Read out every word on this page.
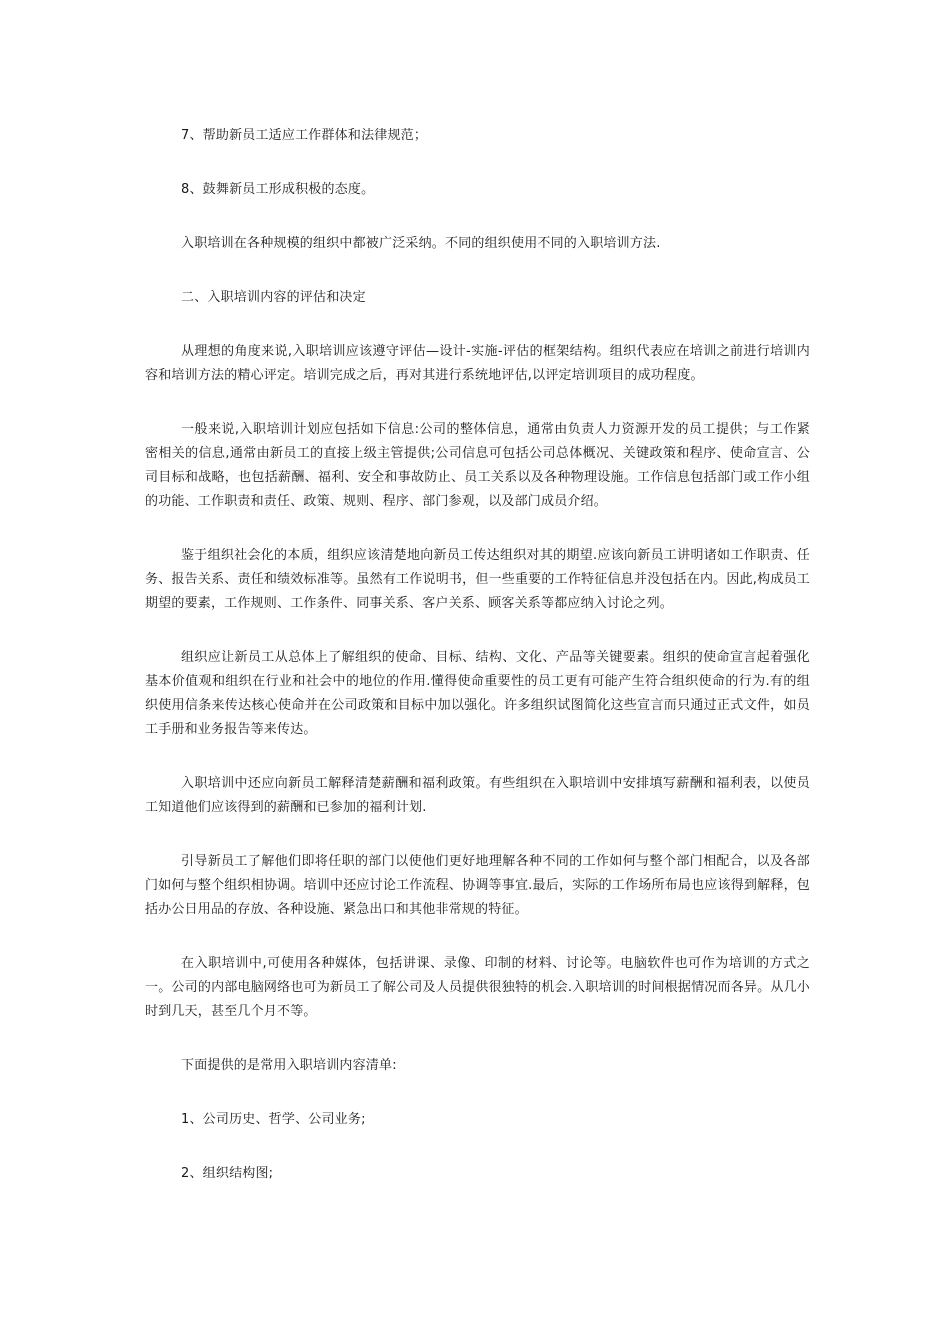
7、帮助新员工适应工作群体和法律规范；

8、鼓舞新员工形成积极的态度。

入职培训在各种规模的组织中都被广泛采纳。不同的组织使用不同的入职培训方法.

二、入职培训内容的评估和决定

从理想的角度来说,入职培训应该遵守评估—设计-实施-评估的框架结构。组织代表应在培训之前进行培训内容和培训方法的精心评定。培训完成之后，再对其进行系统地评估,以评定培训项目的成功程度。

一般来说,入职培训计划应包括如下信息:公司的整体信息，通常由负责人力资源开发的员工提供；与工作紧密相关的信息,通常由新员工的直接上级主管提供;公司信息可包括公司总体概况、关键政策和程序、使命宣言、公司目标和战略，也包括薪酬、福利、安全和事故防止、员工关系以及各种物理设施。工作信息包括部门或工作小组的功能、工作职责和责任、政策、规则、程序、部门参观，以及部门成员介绍。

鉴于组织社会化的本质，组织应该清楚地向新员工传达组织对其的期望.应该向新员工讲明诸如工作职责、任务、报告关系、责任和绩效标准等。虽然有工作说明书，但一些重要的工作特征信息并没包括在内。因此,构成员工期望的要素，工作规则、工作条件、同事关系、客户关系、顾客关系等都应纳入讨论之列。

组织应让新员工从总体上了解组织的使命、目标、结构、文化、产品等关键要素。组织的使命宣言起着强化基本价值观和组织在行业和社会中的地位的作用.懂得使命重要性的员工更有可能产生符合组织使命的行为.有的组织使用信条来传达核心使命并在公司政策和目标中加以强化。许多组织试图简化这些宣言而只通过正式文件，如员工手册和业务报告等来传达。

入职培训中还应向新员工解释清楚薪酬和福利政策。有些组织在入职培训中安排填写薪酬和福利表，以使员工知道他们应该得到的薪酬和已参加的福利计划.

引导新员工了解他们即将任职的部门以使他们更好地理解各种不同的工作如何与整个部门相配合，以及各部门如何与整个组织相协调。培训中还应讨论工作流程、协调等事宜.最后，实际的工作场所布局也应该得到解释，包括办公日用品的存放、各种设施、紧急出口和其他非常规的特征。

在入职培训中,可使用各种媒体，包括讲课、录像、印制的材料、讨论等。电脑软件也可作为培训的方式之一。公司的内部电脑网络也可为新员工了解公司及人员提供很独特的机会.入职培训的时间根据情况而各异。从几小时到几天，甚至几个月不等。

下面提供的是常用入职培训内容清单:

1、公司历史、哲学、公司业务;

2、组织结构图;
